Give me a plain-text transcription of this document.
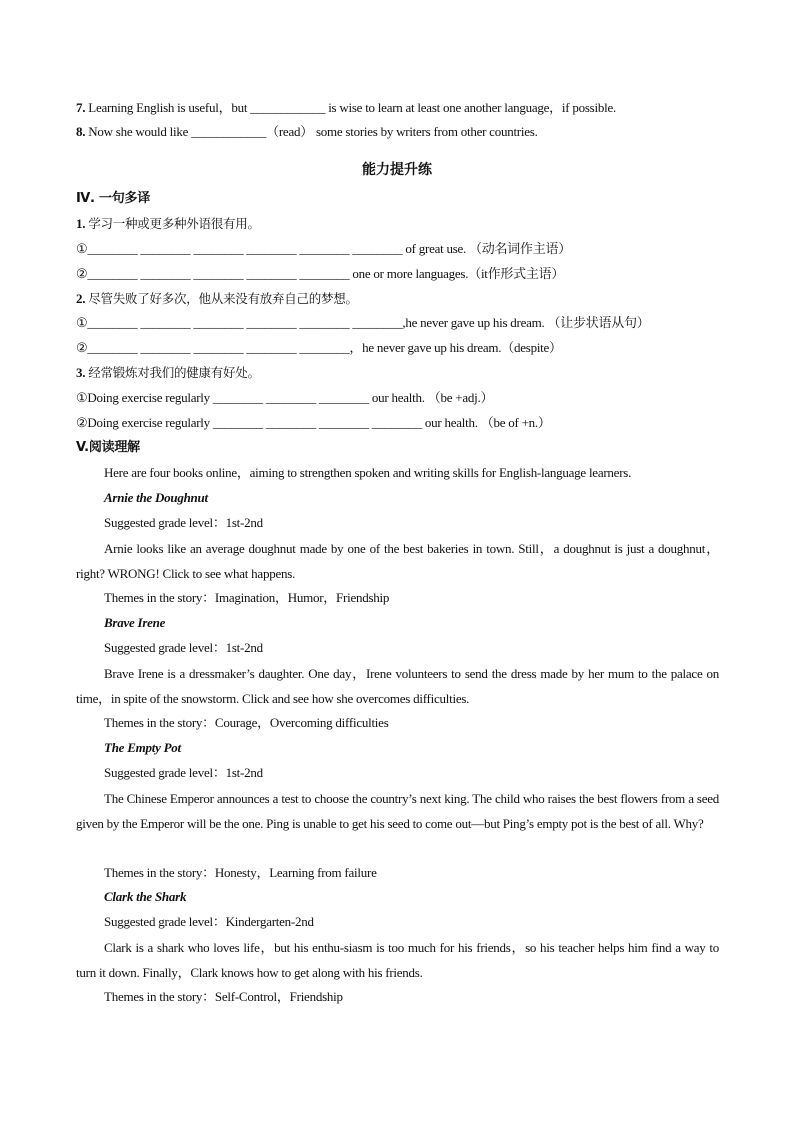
7. Learning English is useful，but ____________ is wise to learn at least one another language，if possible.
8. Now she would like ____________（read） some stories by writers from other countries.
能力提升练
Ⅳ. 一句多译
1. 学习一种或更多种外语很有用。
①________ ________ ________ ________ ________ ________ of great use. （动名词作主语）
②________ ________ ________ ________ ________ one or more languages.（it作形式主语）
2. 尽管失败了好多次，他从来没有放弃自己的梦想。
①________ ________ ________ ________ ________ ________,he never gave up his dream. （让步状语从句）
②________ ________ ________ ________ ________，he never gave up his dream.（despite）
3. 经常锻炼对我们的健康有好处。
①Doing exercise regularly ________ ________ ________ our health. （be +adj.）
②Doing exercise regularly ________ ________ ________ ________ our health. （be of +n.）
V.阅读理解
Here are four books online，aiming to strengthen spoken and writing skills for English-language learners.
Arnie the Doughnut
Suggested grade level：1st-2nd
Arnie looks like an average doughnut made by one of the best bakeries in town. Still，a doughnut is just a doughnut，right? WRONG! Click to see what happens.
Themes in the story：Imagination，Humor，Friendship
Brave Irene
Suggested grade level：1st-2nd
Brave Irene is a dressmaker’s daughter. One day，Irene volunteers to send the dress made by her mum to the palace on time，in spite of the snowstorm. Click and see how she overcomes difficulties.
Themes in the story：Courage，Overcoming difficulties
The Empty Pot
Suggested grade level：1st-2nd
The Chinese Emperor announces a test to choose the country’s next king. The child who raises the best flowers from a seed given by the Emperor will be the one. Ping is unable to get his seed to come out—but Ping’s empty pot is the best of all. Why?
Themes in the story：Honesty，Learning from failure
Clark the Shark
Suggested grade level：Kindergarten-2nd
Clark is a shark who loves life，but his enthu-siasm is too much for his friends，so his teacher helps him find a way to turn it down. Finally，Clark knows how to get along with his friends.
Themes in the story：Self-Control，Friendship
